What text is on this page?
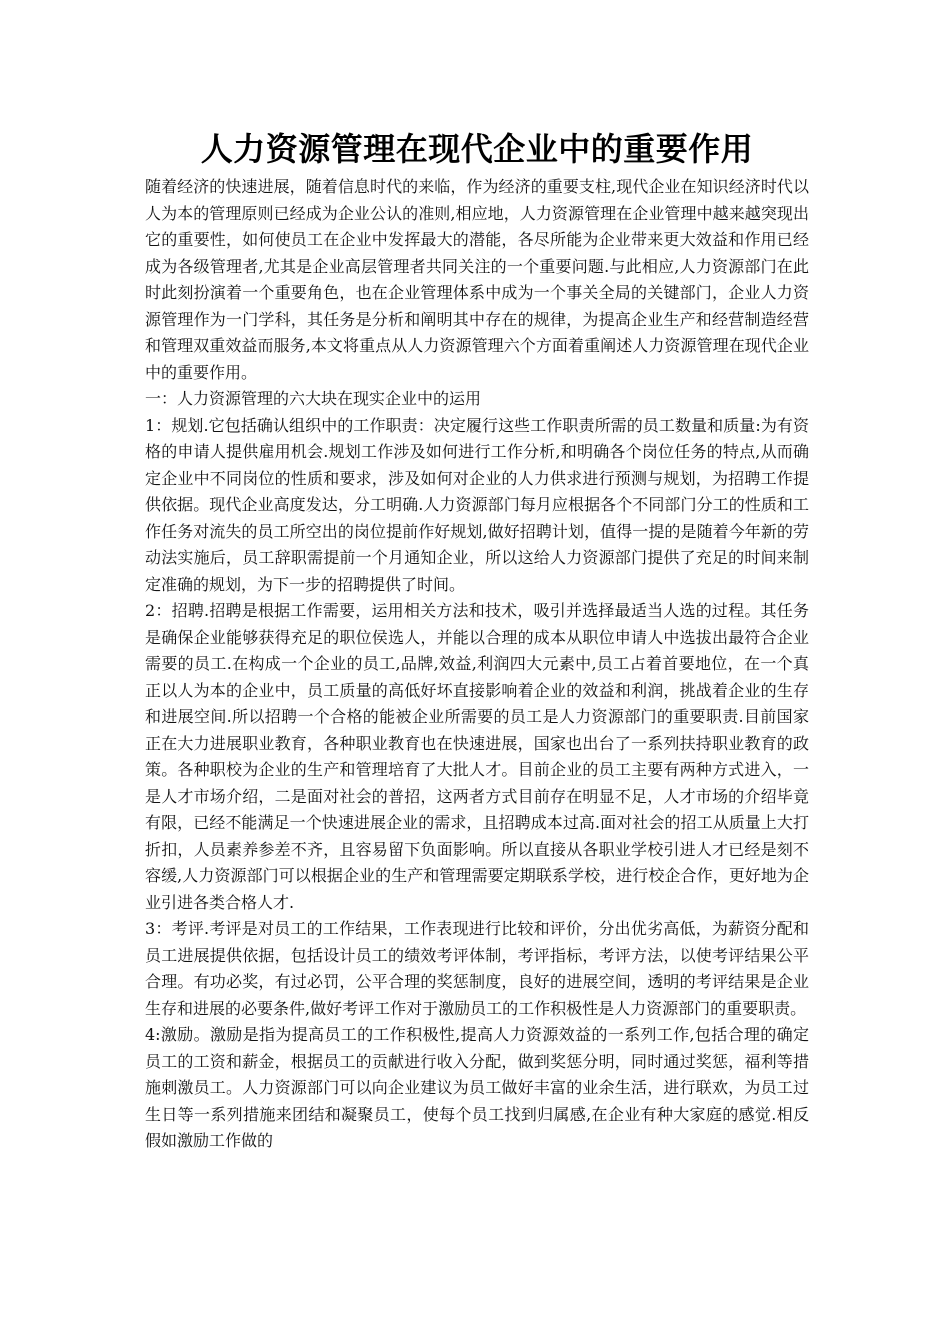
人力资源管理在现代企业中的重要作用

随着经济的快速进展，随着信息时代的来临，作为经济的重要支柱,现代企业在知识经济时代以人为本的管理原则已经成为企业公认的准则,相应地，人力资源管理在企业管理中越来越突现出它的重要性，如何使员工在企业中发挥最大的潜能，各尽所能为企业带来更大效益和作用已经成为各级管理者,尤其是企业高层管理者共同关注的一个重要问题.与此相应,人力资源部门在此时此刻扮演着一个重要角色，也在企业管理体系中成为一个事关全局的关键部门，企业人力资源管理作为一门学科，其任务是分析和阐明其中存在的规律，为提高企业生产和经营制造经营和管理双重效益而服务,本文将重点从人力资源管理六个方面着重阐述人力资源管理在现代企业中的重要作用。

一：人力资源管理的六大块在现实企业中的运用

1：规划.它包括确认组织中的工作职责：决定履行这些工作职责所需的员工数量和质量:为有资格的申请人提供雇用机会.规划工作涉及如何进行工作分析,和明确各个岗位任务的特点,从而确定企业中不同岗位的性质和要求，涉及如何对企业的人力供求进行预测与规划，为招聘工作提供依据。现代企业高度发达，分工明确.人力资源部门每月应根据各个不同部门分工的性质和工作任务对流失的员工所空出的岗位提前作好规划,做好招聘计划，值得一提的是随着今年新的劳动法实施后，员工辞职需提前一个月通知企业，所以这给人力资源部门提供了充足的时间来制定准确的规划，为下一步的招聘提供了时间。

2：招聘.招聘是根据工作需要，运用相关方法和技术，吸引并选择最适当人选的过程。其任务是确保企业能够获得充足的职位侯选人，并能以合理的成本从职位申请人中选拔出最符合企业需要的员工.在构成一个企业的员工,品牌,效益,利润四大元素中,员工占着首要地位，在一个真正以人为本的企业中，员工质量的高低好坏直接影响着企业的效益和利润，挑战着企业的生存和进展空间.所以招聘一个合格的能被企业所需要的员工是人力资源部门的重要职责.目前国家正在大力进展职业教育，各种职业教育也在快速进展，国家也出台了一系列扶持职业教育的政策。各种职校为企业的生产和管理培育了大批人才。目前企业的员工主要有两种方式进入，一是人才市场介绍，二是面对社会的普招，这两者方式目前存在明显不足，人才市场的介绍毕竟有限，已经不能满足一个快速进展企业的需求，且招聘成本过高.面对社会的招工从质量上大打折扣，人员素养参差不齐，且容易留下负面影响。所以直接从各职业学校引进人才已经是刻不容缓,人力资源部门可以根据企业的生产和管理需要定期联系学校，进行校企合作，更好地为企业引进各类合格人才.

3：考评.考评是对员工的工作结果，工作表现进行比较和评价，分出优劣高低，为薪资分配和员工进展提供依据，包括设计员工的绩效考评体制，考评指标，考评方法，以使考评结果公平合理。有功必奖，有过必罚，公平合理的奖惩制度，良好的进展空间，透明的考评结果是企业生存和进展的必要条件,做好考评工作对于激励员工的工作积极性是人力资源部门的重要职责。

4:激励。激励是指为提高员工的工作积极性,提高人力资源效益的一系列工作,包括合理的确定员工的工资和薪金，根据员工的贡献进行收入分配，做到奖惩分明，同时通过奖惩，福利等措施刺激员工。人力资源部门可以向企业建议为员工做好丰富的业余生活，进行联欢，为员工过生日等一系列措施来团结和凝聚员工，使每个员工找到归属感,在企业有种大家庭的感觉.相反假如激励工作做的
